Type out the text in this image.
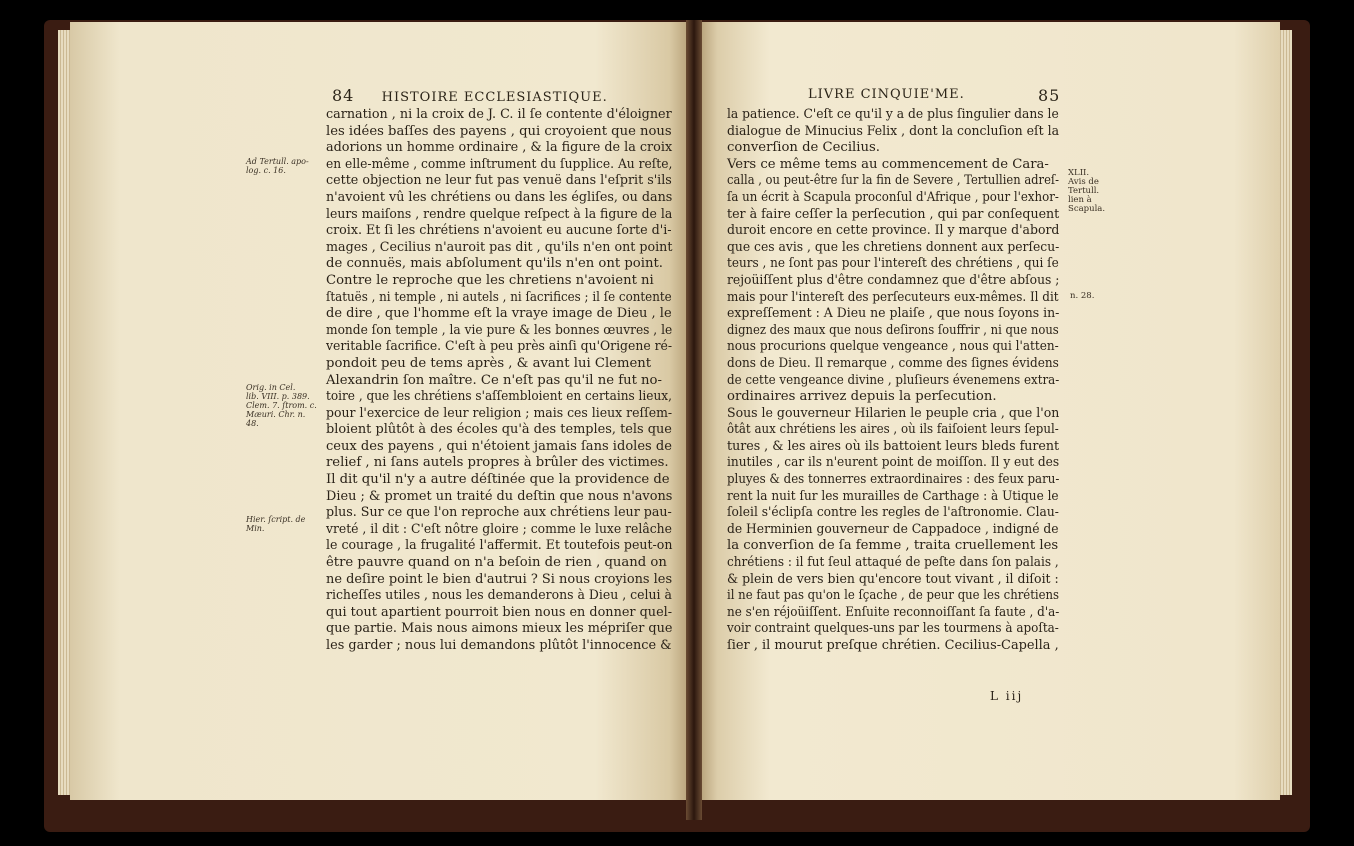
84 HISTOIRE ECCLESIASTIQUE.
carnation , ni la croix de J. C. il ſe contente d'éloigner
les idées baſſes des payens , qui croyoient que nous
adorions un homme ordinaire , & la figure de la croix
en elle-même , comme inſtrument du ſupplice. Au reſte,
cette objection ne leur fut pas venuë dans l'eſprit s'ils
n'avoient vû les chrétiens ou dans les égliſes, ou dans
leurs maiſons , rendre quelque reſpect à la figure de la
croix. Et ſi les chrétiens n'avoient eu aucune ſorte d'i-
mages , Cecilius n'auroit pas dit , qu'ils n'en ont point
de connuës, mais abſolument qu'ils n'en ont point.
Contre le reproche que les chretiens n'avoient ni
ſtatuës , ni temple , ni autels , ni ſacrifices ; il ſe contente
de dire , que l'homme eſt la vraye image de Dieu , le
monde ſon temple , la vie pure & les bonnes œuvres , le
veritable ſacrifice. C'eſt à peu près ainſi qu'Origene ré-
pondoit peu de tems après , & avant lui Clement
Alexandrin ſon maître. Ce n'eſt pas qu'il ne fut no-
toire , que les chrétiens s'aſſembloient en certains lieux,
pour l'exercice de leur religion ; mais ces lieux reſſem-
bloient plûtôt à des écoles qu'à des temples, tels que
ceux des payens , qui n'étoient jamais ſans idoles de
relief , ni ſans autels propres à brûler des victimes.
Il dit qu'il n'y a autre déſtinée que la providence de
Dieu ; & promet un traité du deſtin que nous n'avons
plus. Sur ce que l'on reproche aux chrétiens leur pau-
vreté , il dit : C'eſt nôtre gloire ; comme le luxe relâche
le courage , la frugalité l'affermit. Et toutefois peut-on
être pauvre quand on n'a beſoin de rien , quand on
ne deſire point le bien d'autrui ? Si nous croyions les
richeſſes utiles , nous les demanderons à Dieu , celui à
qui tout apartient pourroit bien nous en donner quel-
que partie. Mais nous aimons mieux les mépriſer que
les garder ; nous lui demandons plûtôt l'innocence &
Ad Tertull. apo-
log. c. 16.
Orig. in Cel.
lib. VIII. p. 389.
Clem. 7. ſtrom. c.
Mæuri. Chr. n.
48.
Hier. ſcript. de
Min.
LIVRE CINQUIE'ME.	85
la patience. C'eſt ce qu'il y a de plus ſingulier dans le
dialogue de Minucius Felix , dont la concluſion eſt la
converſion de Cecilius.
Vers ce même tems au commencement de Cara-
calla , ou peut-être ſur la fin de Severe , Tertullien adreſ-
ſa un écrit à Scapula proconſul d'Afrique , pour l'exhor-
ter à faire ceſſer la perſecution , qui par conſequent
duroit encore en cette province. Il y marque d'abord
que ces avis , que les chretiens donnent aux perſecu-
teurs , ne ſont pas pour l'intereſt des chrétiens , qui ſe
rejoüiſſent plus d'être condamnez que d'être abſous ;
mais pour l'intereſt des perſecuteurs eux-mêmes. Il dit
expreſſement : A Dieu ne plaiſe , que nous ſoyons in-
dignez des maux que nous deſirons ſouffrir , ni que nous
nous procurions quelque vengeance , nous qui l'atten-
dons de Dieu. Il remarque , comme des ſignes évidens
de cette vengeance divine , pluſieurs évenemens extra-
ordinaires arrivez depuis la perſecution.
Sous le gouverneur Hilarien le peuple cria , que l'on
ôtât aux chrétiens les aires , où ils faiſoient leurs ſepul-
tures , & les aires où ils battoient leurs bleds furent
inutiles , car ils n'eurent point de moiſſon. Il y eut des
pluyes & des tonnerres extraordinaires : des feux paru-
rent la nuit ſur les murailles de Carthage : à Utique le
ſoleil s'éclipſa contre les regles de l'aſtronomie. Clau-
de Herminien gouverneur de Cappadoce , indigné de
la converſion de ſa femme , traita cruellement les
chrétiens : il fut ſeul attaqué de peſte dans ſon palais ,
& plein de vers bien qu'encore tout vivant , il diſoit :
il ne faut pas qu'on le ſçache , de peur que les chrétiens
ne s'en réjoüiſſent. Enſuite reconnoiſſant ſa faute , d'a-
voir contraint quelques-uns par les tourmens à apoſta-
ſier , il mourut preſque chrétien. Cecilius-Capella ,
XLII.
Avis de Tertull.
lien à Scapula.
n. 28.
L iij
